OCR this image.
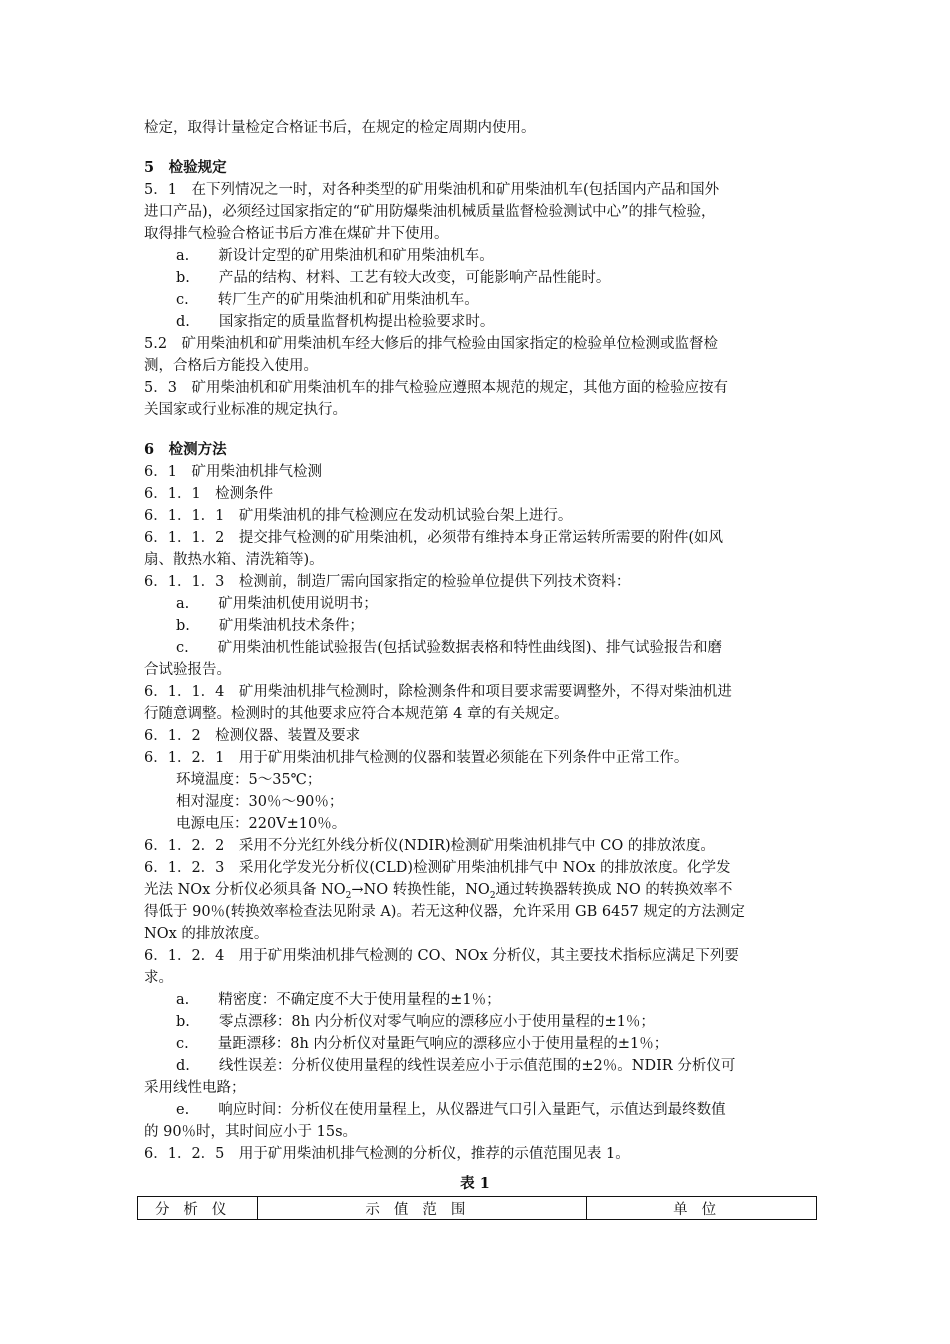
检定，取得计量检定合格证书后，在规定的检定周期内使用。
5　检验规定
5．1　在下列情况之一时，对各种类型的矿用柴油机和矿用柴油机车(包括国内产品和国外
进口产品)，必须经过国家指定的“矿用防爆柴油机械质量监督检验测试中心”的排气检验，
取得排气检验合格证书后方准在煤矿井下使用。
a.　　新设计定型的矿用柴油机和矿用柴油机车。
b.　　产品的结构、材料、工艺有较大改变，可能影响产品性能时。
c.　　转厂生产的矿用柴油机和矿用柴油机车。
d.　　国家指定的质量监督机构提出检验要求时。
5.2　矿用柴油机和矿用柴油机车经大修后的排气检验由国家指定的检验单位检测或监督检
测，合格后方能投入使用。
5．3　矿用柴油机和矿用柴油机车的排气检验应遵照本规范的规定，其他方面的检验应按有
关国家或行业标准的规定执行。
6　检测方法
6．1　矿用柴油机排气检测
6．1．1　检测条件
6．1．1．1　矿用柴油机的排气检测应在发动机试验台架上进行。
6．1．1．2　提交排气检测的矿用柴油机，必须带有维持本身正常运转所需要的附件(如风
扇、散热水箱、清洗箱等)。
6．1．1．3　检测前，制造厂需向国家指定的检验单位提供下列技术资料：
a.　　矿用柴油机使用说明书；
b.　　矿用柴油机技术条件；
c.　　矿用柴油机性能试验报告(包括试验数据表格和特性曲线图)、排气试验报告和磨
合试验报告。
6．1．1．4　矿用柴油机排气检测时，除检测条件和项目要求需要调整外，不得对柴油机进
行随意调整。检测时的其他要求应符合本规范第 4 章的有关规定。
6．1．2　检测仪器、装置及要求
6．1．2．1　用于矿用柴油机排气检测的仪器和装置必须能在下列条件中正常工作。
环境温度：5～35℃；
相对湿度：30％～90％；
电源电压：220V±10％。
6．1．2．2　采用不分光红外线分析仪(NDIR)检测矿用柴油机排气中 CO 的排放浓度。
6．1．2．3　采用化学发光分析仪(CLD)检测矿用柴油机排气中 NOx 的排放浓度。化学发
光法 NOx 分析仪必须具备 $NO_2\to NO$ 转换性能，$NO_2$通过转换器转换成 NO 的转换效率不
得低于 90％(转换效率检查法见附录 A)。若无这种仪器，允许采用 GB 6457 规定的方法测定
NOx 的排放浓度。
6．1．2．4　用于矿用柴油机排气检测的 CO、NOx 分析仪，其主要技术指标应满足下列要
求。
a.　　精密度：不确定度不大于使用量程的±1％；
b.　　零点漂移：8h 内分析仪对零气响应的漂移应小于使用量程的±1％；
c.　　量距漂移：8h 内分析仪对量距气响应的漂移应小于使用量程的±1％；
d.　　线性误差：分析仪使用量程的线性误差应小于示值范围的±2％。NDIR 分析仪可
采用线性电路；
e.　　响应时间：分析仪在使用量程上，从仪器进气口引入量距气，示值达到最终数值
的 90％时，其时间应小于 15s。
6．1．2．5　用于矿用柴油机排气检测的分析仪，推荐的示值范围见表 1。
表 1
分析仪	示值范围	单位
